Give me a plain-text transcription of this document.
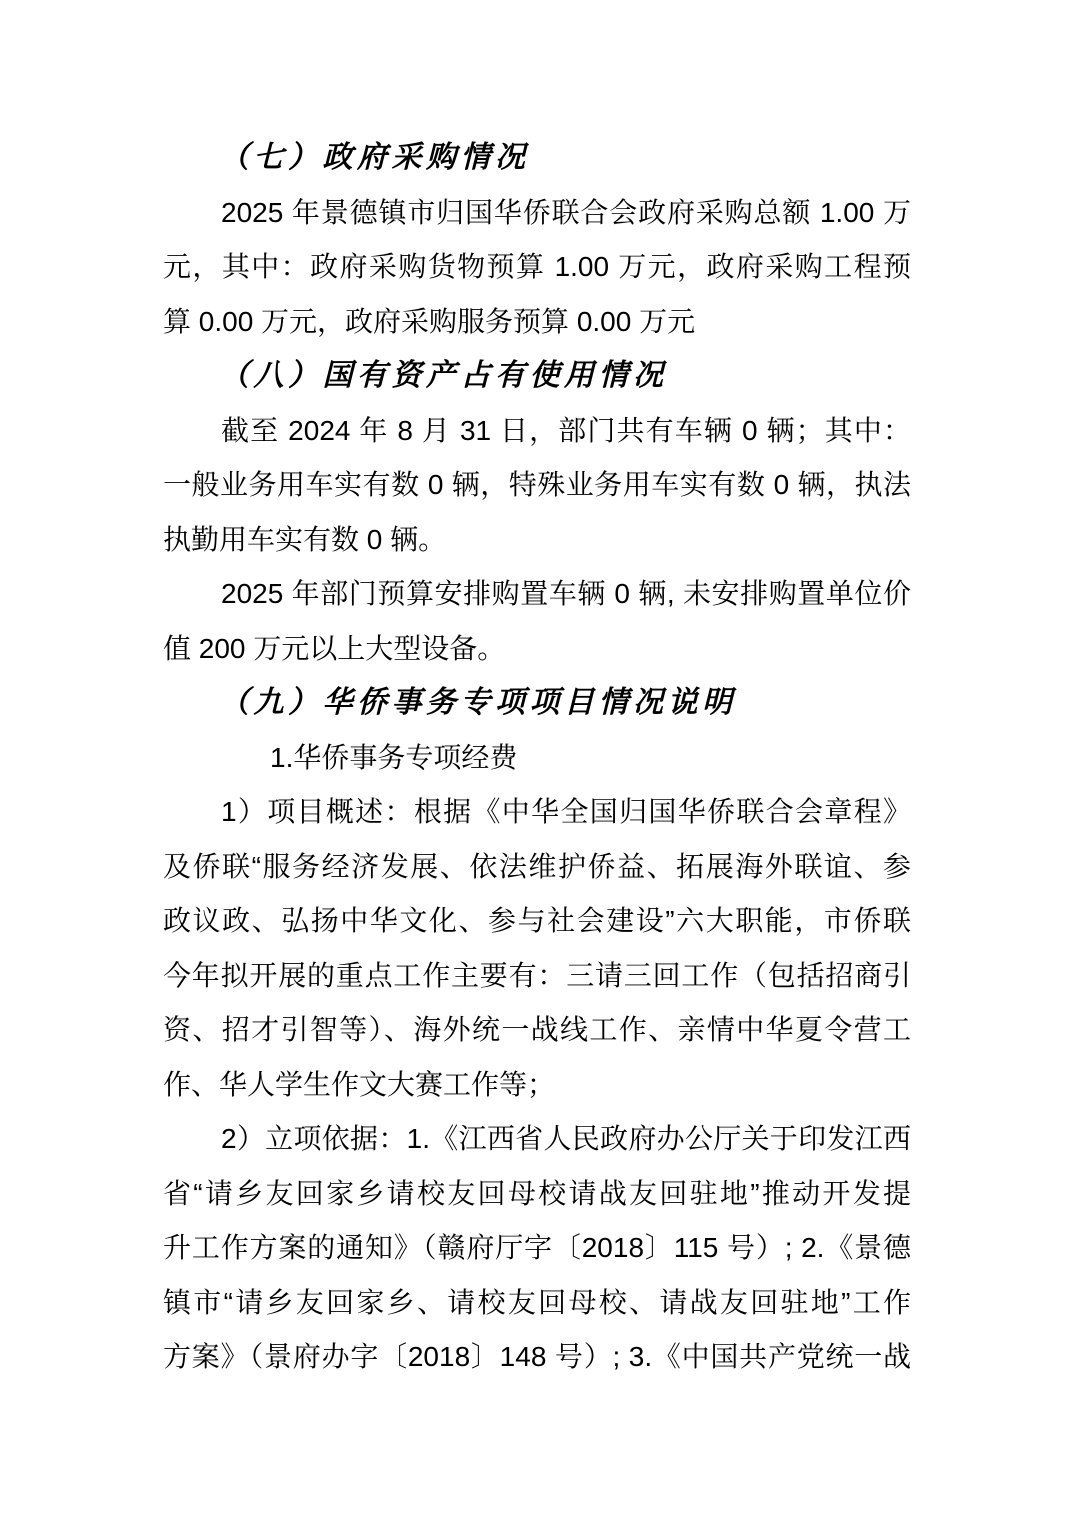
（七）政府采购情况
2025 年景德镇市归国华侨联合会政府采购总额 1.00 万
元，其中：政府采购货物预算 1.00 万元，政府采购工程预
算 0.00 万元，政府采购服务预算 0.00 万元
（八）国有资产占有使用情况
截至 2024 年 8 月 31 日，部门共有车辆 0 辆；其中：
一般业务用车实有数 0 辆，特殊业务用车实有数 0 辆，执法
执勤用车实有数 0 辆。
2025 年部门预算安排购置车辆 0 辆, 未安排购置单位价
值 200 万元以上大型设备。
（九）华侨事务专项项目情况说明
1.华侨事务专项经费
1）项目概述：根据《中华全国归国华侨联合会章程》
及侨联“服务经济发展、依法维护侨益、拓展海外联谊、参
政议政、弘扬中华文化、参与社会建设”六大职能，市侨联
今年拟开展的重点工作主要有：三请三回工作（包括招商引
资、招才引智等）、海外统一战线工作、亲情中华夏令营工
作、华人学生作文大赛工作等；
2）立项依据：1.《江西省人民政府办公厅关于印发江西
省“请乡友回家乡请校友回母校请战友回驻地”推动开发提
升工作方案的通知》（赣府厅字〔2018〕115 号）; 2.《景德
镇市“请乡友回家乡、请校友回母校、请战友回驻地”工作
方案》（景府办字〔2018〕148 号）; 3.《中国共产党统一战
